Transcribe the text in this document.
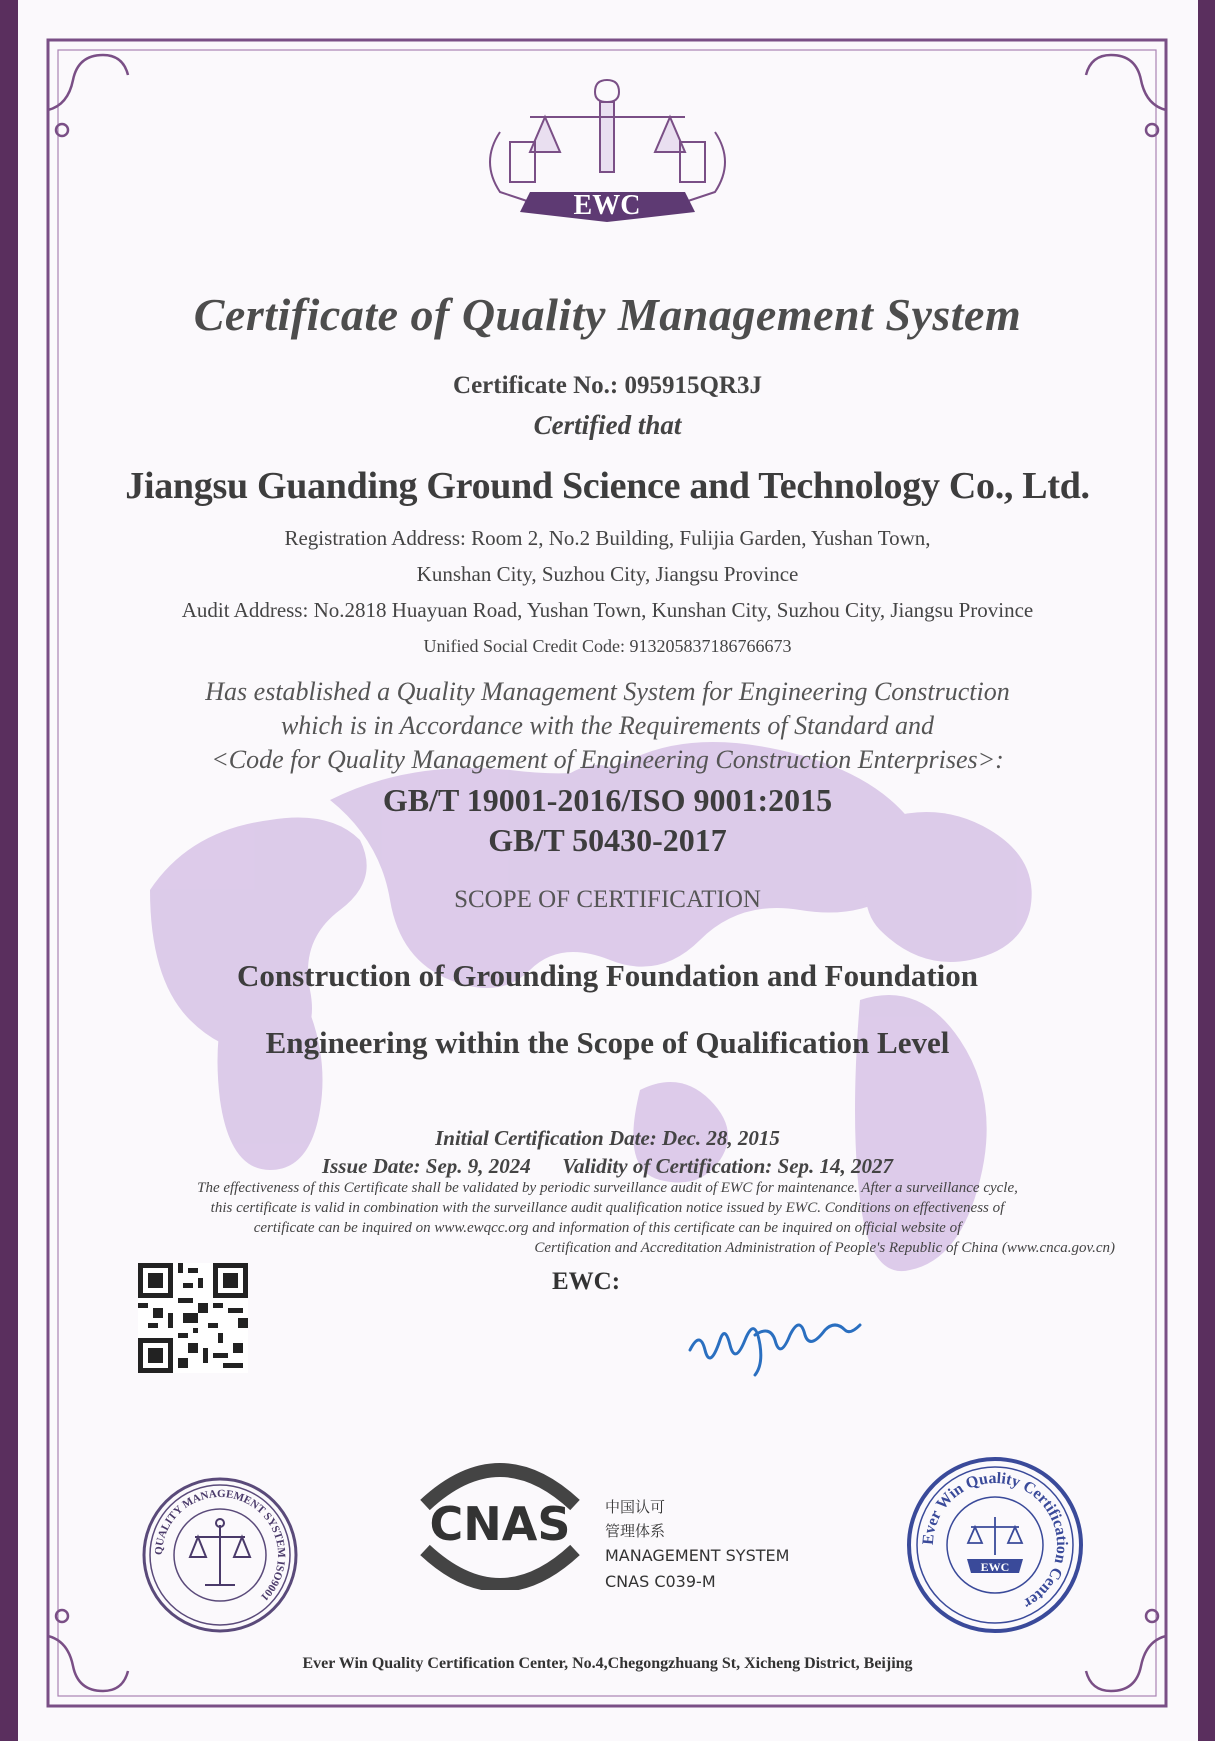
EWC
Certificate of Quality Management System
Certificate No.: 095915QR3J
Certified that
Jiangsu Guanding Ground Science and Technology Co., Ltd.
Registration Address: Room 2, No.2 Building, Fulijia Garden, Yushan Town,
Kunshan City, Suzhou City, Jiangsu Province
Audit Address: No.2818 Huayuan Road, Yushan Town, Kunshan City, Suzhou City, Jiangsu Province
Unified Social Credit Code: 913205837186766673
Has established a Quality Management System for Engineering Construction
which is in Accordance with the Requirements of Standard and
<Code for Quality Management of Engineering Construction Enterprises>:
GB/T 19001-2016/ISO 9001:2015
GB/T 50430-2017
SCOPE OF CERTIFICATION
Construction of Grounding Foundation and Foundation
Engineering within the Scope of Qualification Level
Initial Certification Date: Dec. 28, 2015
Issue Date: Sep. 9, 2024      Validity of Certification: Sep. 14, 2027
The effectiveness of this Certificate shall be validated by periodic surveillance audit of EWC for maintenance. After a surveillance cycle,
this certificate is valid in combination with the surveillance audit qualification notice issued by EWC. Conditions on effectiveness of
certificate can be inquired on www.ewqcc.org and information of this certificate can be inquired on official website of
Certification and Accreditation Administration of People's Republic of China (www.cnca.gov.cn)
EWC:
QUALITY MANAGEMENT SYSTEM ISO9001
CNAS 中国认可
管理体系
MANAGEMENT SYSTEM
CNAS C039-M
Ever Win Quality Certification Center
EWC
Ever Win Quality Certification Center, No.4,Chegongzhuang St, Xicheng District, Beijing
